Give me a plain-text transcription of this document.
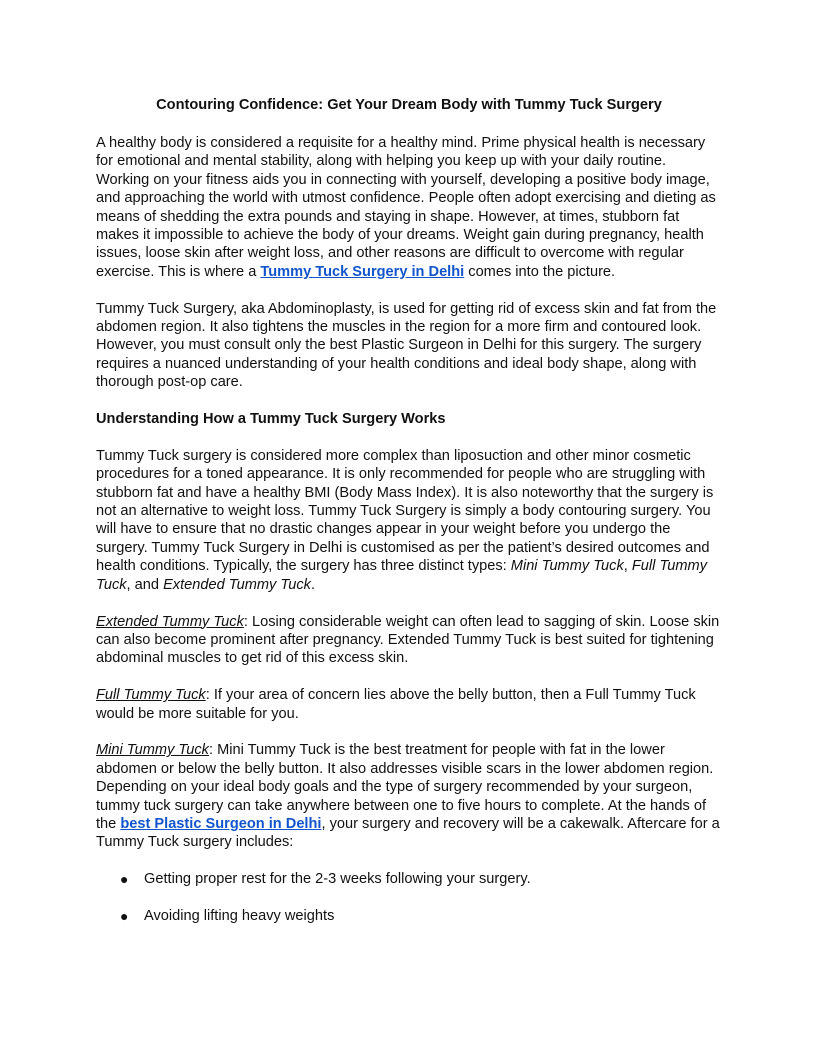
Contouring Confidence: Get Your Dream Body with Tummy Tuck Surgery

A healthy body is considered a requisite for a healthy mind. Prime physical health is necessary for emotional and mental stability, along with helping you keep up with your daily routine. Working on your fitness aids you in connecting with yourself, developing a positive body image, and approaching the world with utmost confidence. People often adopt exercising and dieting as means of shedding the extra pounds and staying in shape. However, at times, stubborn fat makes it impossible to achieve the body of your dreams. Weight gain during pregnancy, health issues, loose skin after weight loss, and other reasons are difficult to overcome with regular exercise. This is where a Tummy Tuck Surgery in Delhi comes into the picture.

Tummy Tuck Surgery, aka Abdominoplasty, is used for getting rid of excess skin and fat from the abdomen region. It also tightens the muscles in the region for a more firm and contoured look. However, you must consult only the best Plastic Surgeon in Delhi for this surgery. The surgery requires a nuanced understanding of your health conditions and ideal body shape, along with thorough post-op care.

Understanding How a Tummy Tuck Surgery Works

Tummy Tuck surgery is considered more complex than liposuction and other minor cosmetic procedures for a toned appearance. It is only recommended for people who are struggling with stubborn fat and have a healthy BMI (Body Mass Index). It is also noteworthy that the surgery is not an alternative to weight loss. Tummy Tuck Surgery is simply a body contouring surgery. You will have to ensure that no drastic changes appear in your weight before you undergo the surgery. Tummy Tuck Surgery in Delhi is customised as per the patient’s desired outcomes and health conditions. Typically, the surgery has three distinct types: Mini Tummy Tuck, Full Tummy Tuck, and Extended Tummy Tuck.

Extended Tummy Tuck: Losing considerable weight can often lead to sagging of skin. Loose skin can also become prominent after pregnancy. Extended Tummy Tuck is best suited for tightening abdominal muscles to get rid of this excess skin.

Full Tummy Tuck: If your area of concern lies above the belly button, then a Full Tummy Tuck would be more suitable for you.

Mini Tummy Tuck: Mini Tummy Tuck is the best treatment for people with fat in the lower abdomen or below the belly button. It also addresses visible scars in the lower abdomen region.

Depending on your ideal body goals and the type of surgery recommended by your surgeon, tummy tuck surgery can take anywhere between one to five hours to complete. At the hands of the best Plastic Surgeon in Delhi, your surgery and recovery will be a cakewalk. Aftercare for a Tummy Tuck surgery includes:

● Getting proper rest for the 2-3 weeks following your surgery.
● Avoiding lifting heavy weights
